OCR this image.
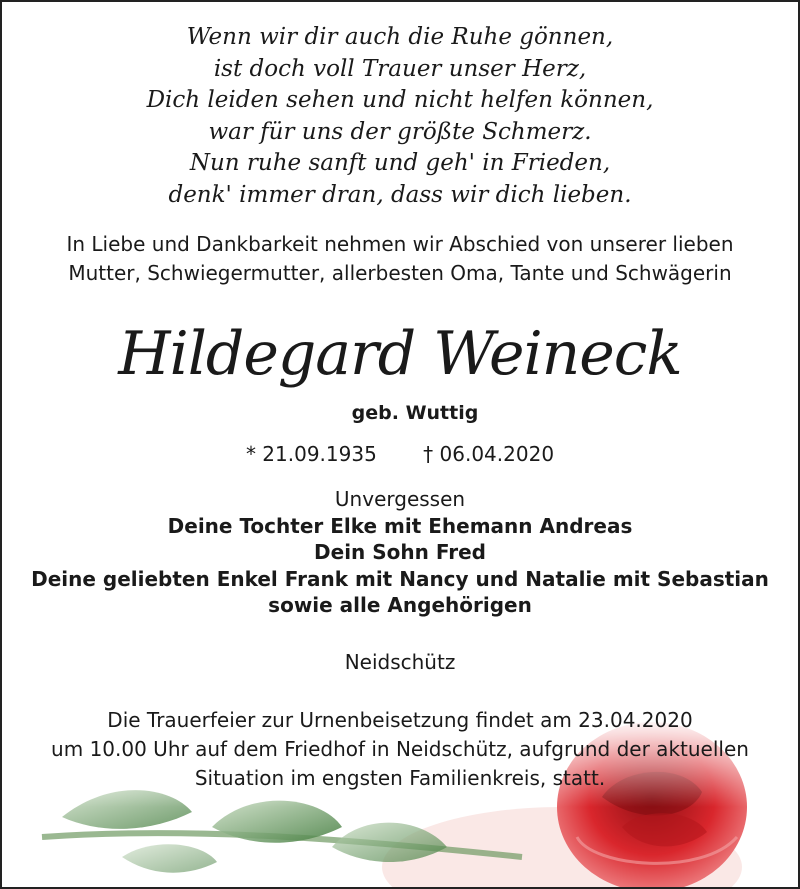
Wenn wir dir auch die Ruhe gönnen,
ist doch voll Trauer unser Herz,
Dich leiden sehen und nicht helfen können,
war für uns der größte Schmerz.
Nun ruhe sanft und geh' in Frieden,
denk' immer dran, dass wir dich lieben.
In Liebe und Dankbarkeit nehmen wir Abschied von unserer lieben
Mutter, Schwiegermutter, allerbesten Oma, Tante und Schwägerin
Hildegard Weineck
geb. Wuttig
* 21.09.1935 † 06.04.2020
Unvergessen
Deine Tochter Elke mit Ehemann Andreas
Dein Sohn Fred
Deine geliebten Enkel Frank mit Nancy und Natalie mit Sebastian
sowie alle Angehörigen
Neidschütz
Die Trauerfeier zur Urnenbeisetzung findet am 23.04.2020
um 10.00 Uhr auf dem Friedhof in Neidschütz, aufgrund der aktuellen
Situation im engsten Familienkreis, statt.
